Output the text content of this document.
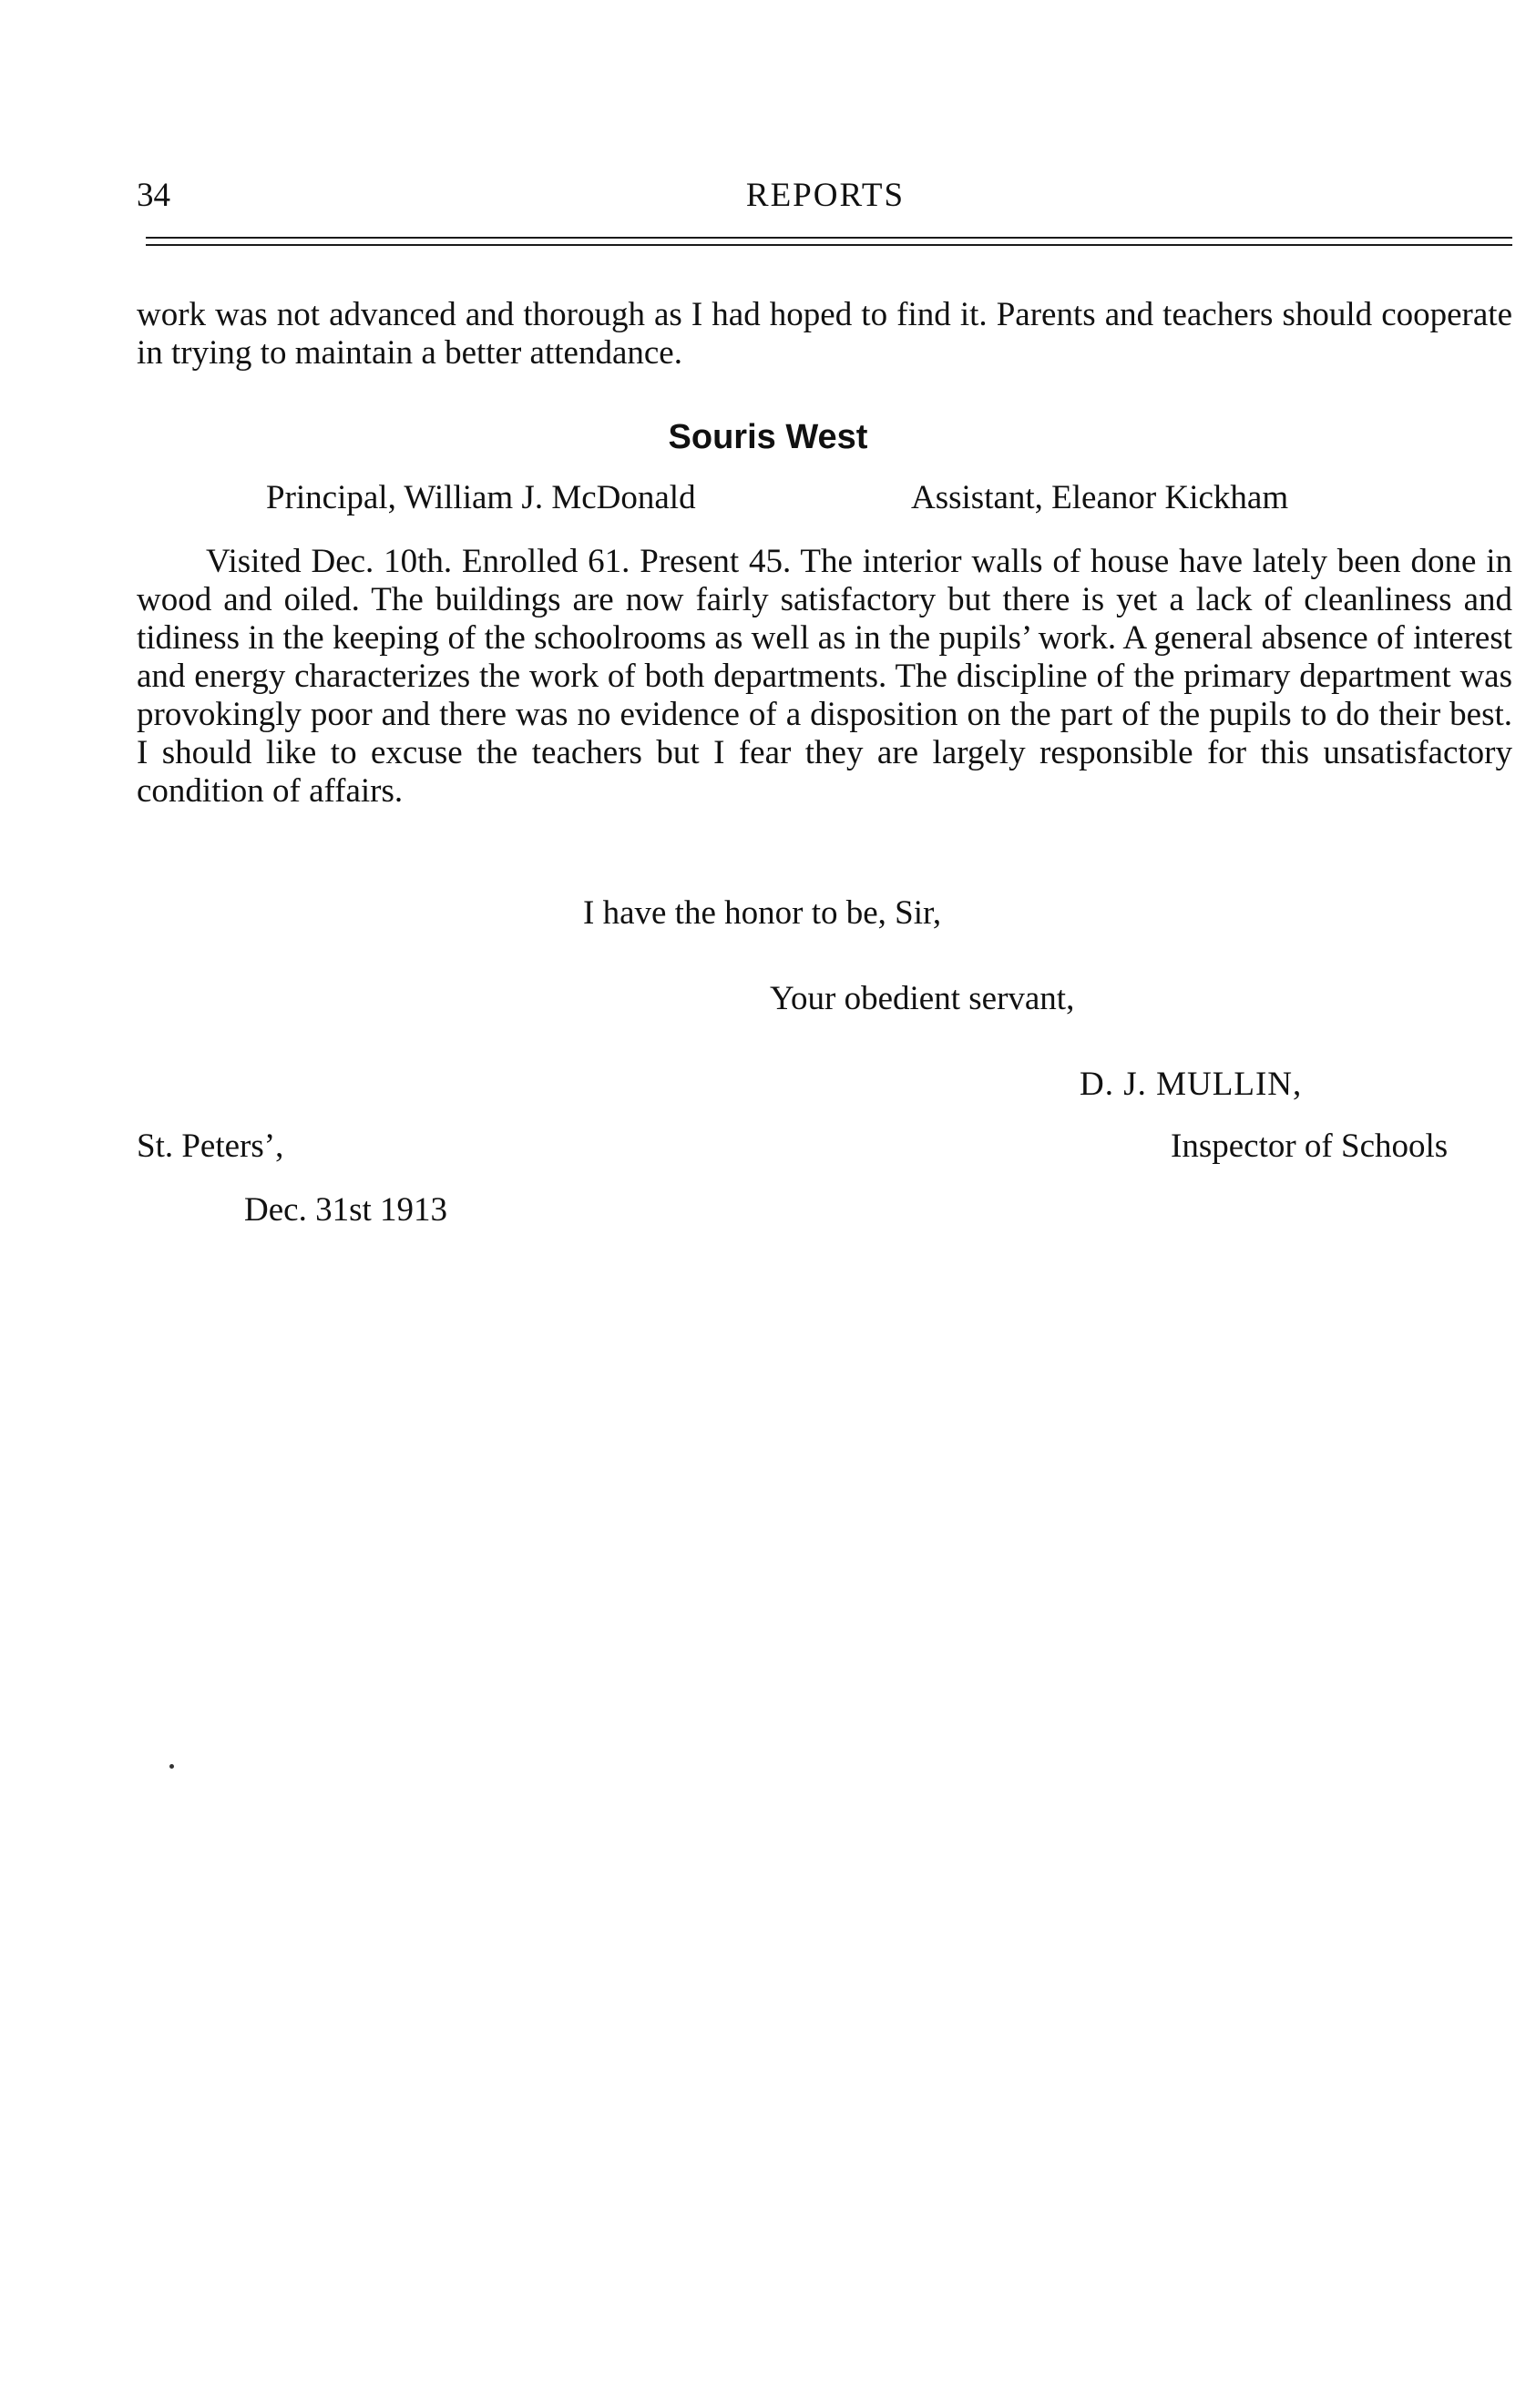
34	REPORTS

work was not advanced and thorough as I had hoped to find it. Parents and teachers should cooperate in trying to maintain a better attendance.

Souris West
Principal, William J. McDonald	Assistant, Eleanor Kickham

Visited Dec. 10th. Enrolled 61. Present 45. The interior walls of house have lately been done in wood and oiled. The buildings are now fairly satisfactory but there is yet a lack of cleanliness and tidiness in the keeping of the schoolrooms as well as in the pupils’ work. A general absence of interest and energy characterizes the work of both departments. The discipline of the primary department was provokingly poor and there was no evidence of a disposition on the part of the pupils to do their best. I should like to excuse the teachers but I fear they are largely responsible for this unsatisfactory condition of affairs.

I have the honor to be, Sir,
Your obedient servant,
D. J. MULLIN,
St. Peters’,	Inspector of Schools
Dec. 31st 1913
